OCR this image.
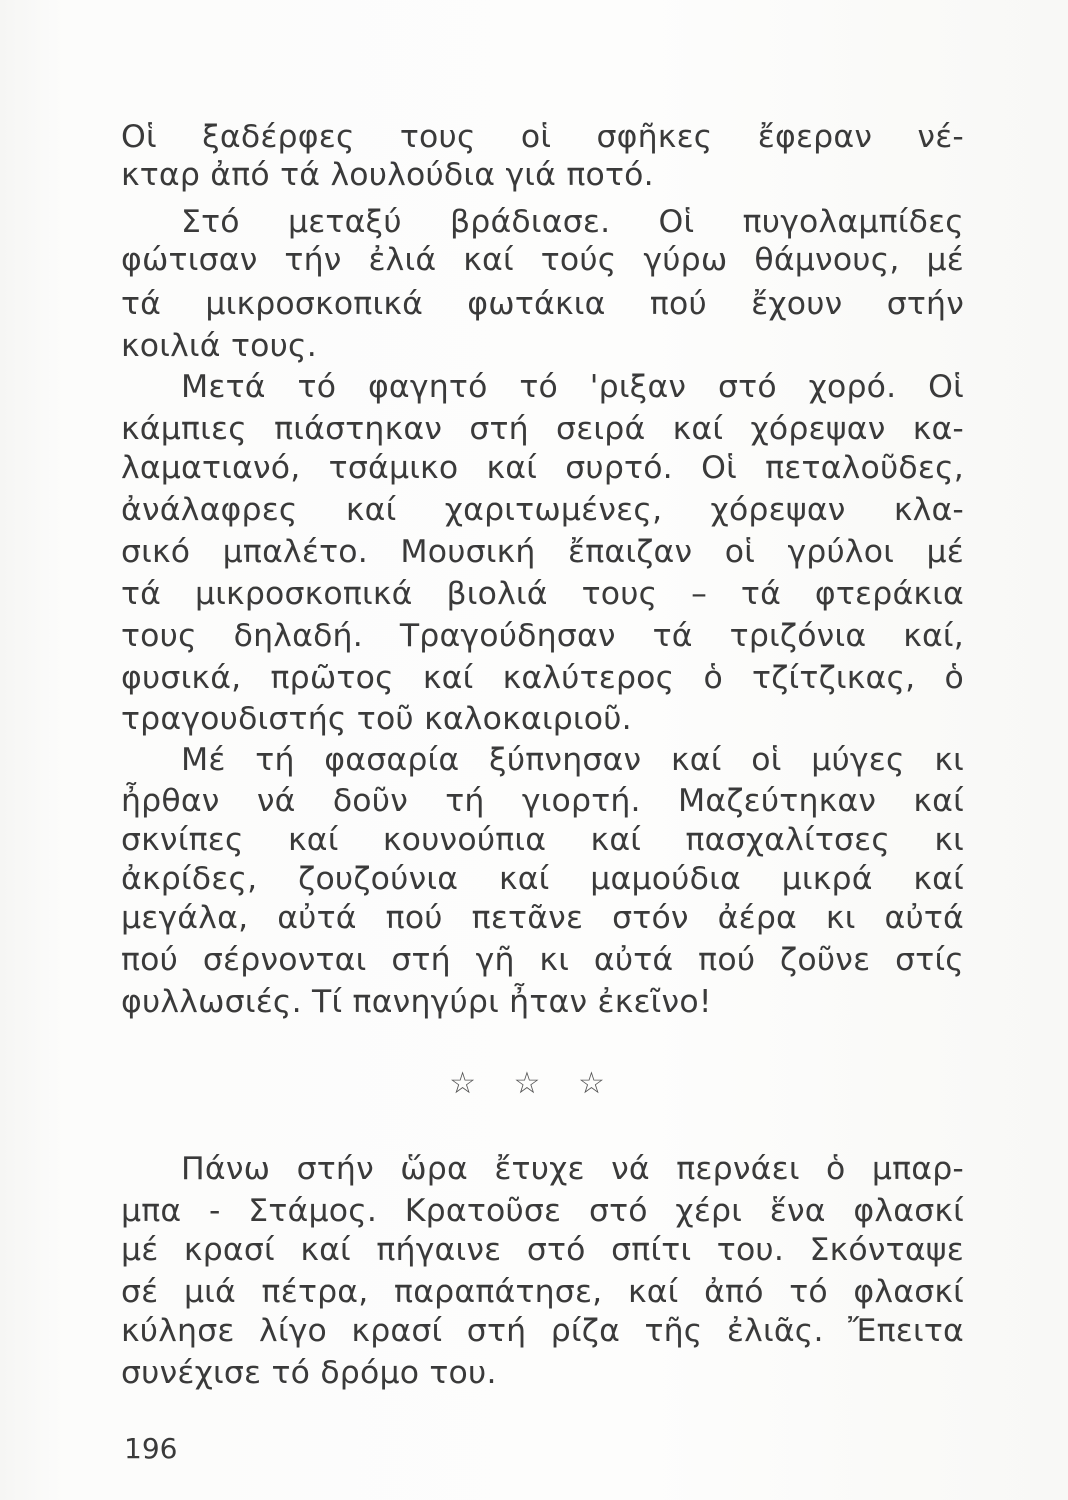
Οἱ ξαδέρφες τους οἱ σφῆκες ἔφεραν νέ-
κταρ ἀπό τά λουλούδια γιά ποτό.
Στό μεταξύ βράδιασε. Οἱ πυγολαμπίδες
φώτισαν τήν ἐλιά καί τούς γύρω θάμνους, μέ
τά μικροσκοπικά φωτάκια πού ἔχουν στήν
κοιλιά τους.
Μετά τό φαγητό τό 'ριξαν στό χορό. Οἱ
κάμπιες πιάστηκαν στή σειρά καί χόρεψαν κα-
λαματιανό, τσάμικο καί συρτό. Οἱ πεταλοῦδες,
ἀνάλαφρες καί χαριτωμένες, χόρεψαν κλα-
σικό μπαλέτο. Μουσική ἔπαιζαν οἱ γρύλοι μέ
τά μικροσκοπικά βιολιά τους – τά φτεράκια
τους δηλαδή. Τραγούδησαν τά τριζόνια καί,
φυσικά, πρῶτος καί καλύτερος ὁ τζίτζικας, ὁ
τραγουδιστής τοῦ καλοκαιριοῦ.
Μέ τή φασαρία ξύπνησαν καί οἱ μύγες κι
ἦρθαν νά δοῦν τή γιορτή. Μαζεύτηκαν καί
σκνίπες καί κουνούπια καί πασχαλίτσες κι
ἀκρίδες, ζουζούνια καί μαμούδια μικρά καί
μεγάλα, αὐτά πού πετᾶνε στόν ἀέρα κι αὐτά
πού σέρνονται στή γῆ κι αὐτά πού ζοῦνε στίς
φυλλωσιές. Τί πανηγύρι ἦταν ἐκεῖνο!
☆ ☆ ☆
Πάνω στήν ὥρα ἔτυχε νά περνάει ὁ μπαρ-
μπα - Στάμος. Κρατοῦσε στό χέρι ἕνα φλασκί
μέ κρασί καί πήγαινε στό σπίτι του. Σκόνταψε
σέ μιά πέτρα, παραπάτησε, καί ἀπό τό φλασκί
κύλησε λίγο κρασί στή ρίζα τῆς ἐλιᾶς. Ἔπειτα
συνέχισε τό δρόμο του.
196
